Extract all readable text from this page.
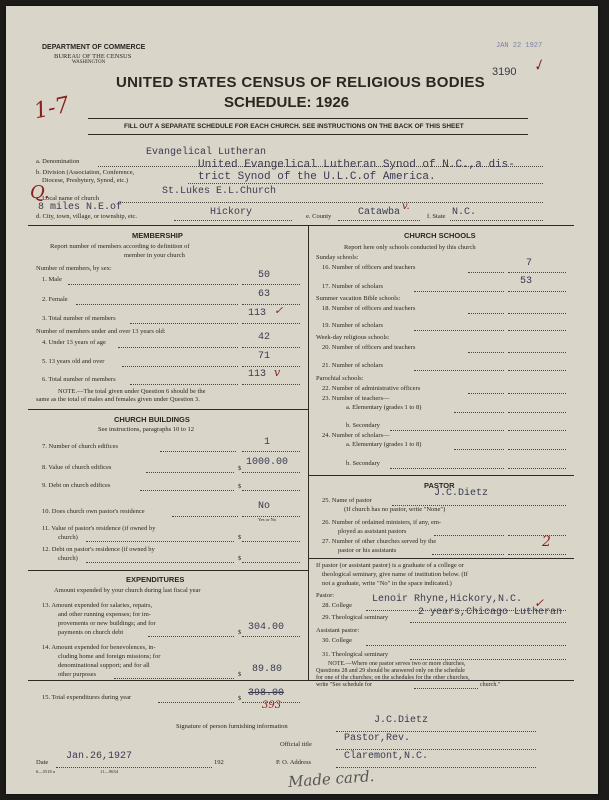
DEPARTMENT OF COMMERCE
BUREAU OF THE CENSUS
WASHINGTON
JAN 22 1927
✓
3190
UNITED STATES CENSUS OF RELIGIOUS BODIES
SCHEDULE: 1926
1-7
FILL OUT A SEPARATE SCHEDULE FOR EACH CHURCH. SEE INSTRUCTIONS ON THE BACK OF THIS SHEET
a. Denomination
Evangelical Lutheran
b. Division (Association, Conference,
Diocese, Presbytery, Synod, etc.)
United Evangelical Lutheran Synod of N.C.,a dis-
trict Synod of the U.L.C.of America.
c. Local name of church
St.Lukes E.L.Church
Q.
8 miles N.E.of
d. City, town, village, or township, etc.	Hickory	e. County	Catawba
v.
f. State N.C.
MEMBERSHIP
Report number of members according to definition of
member in your church
Number of members, by sex:
1. Male	50
2. Female	63
3. Total number of members	113 ✓
Number of members under and over 13 years old:
4. Under 13 years of age	42
5. 13 years old and over	71
6. Total number of members	113 v
NOTE.—The total given under Question 6 should be the
same as the total of males and females given under Question 3.
CHURCH BUILDINGS
See instructions, paragraphs 10 to 12
7. Number of church edifices	1
8. Value of church edifices	$
1000.00
9. Debt on church edifices	$
10. Does church own pastor's residence	No
Yes or No
11. Value of pastor's residence (if owned by
church)	$
12. Debt on pastor's residence (if owned by
church)	$
EXPENDITURES
Amount expended by your church during last fiscal year
13. Amount expended for salaries, repairs,
and other running expenses; for im-
provements or new buildings; and for
payments on church debt	$ 304.00
14. Amount expended for benevolences, in-
cluding home and foreign missions; for
denominational support; and for all
other purposes	$ 89.80
15. Total expenditures during year	$ 398.00
393
CHURCH SCHOOLS
Report here only schools conducted by this church
Sunday schools:
16. Number of officers and teachers	7
17. Number of scholars	53
Summer vacation Bible schools:
18. Number of officers and teachers
19. Number of scholars
Week-day religious schools:
20. Number of officers and teachers
21. Number of scholars
Parochial schools:
22. Number of administrative officers
23. Number of teachers—
a. Elementary (grades 1 to 8)
b. Secondary
24. Number of scholars—
a. Elementary (grades 1 to 8)
b. Secondary
PASTOR
25. Name of pastor
J.C.Dietz
(If church has no pastor, write "None")
26. Number of ordained ministers, if any, em-
ployed as assistant pastors
27. Number of other churches served by the
pastor or his assistants
2
If pastor (or assistant pastor) is a graduate of a college or
theological seminary, give name of institution below. (If
not a graduate, write "No" in the space indicated.)
Pastor:
28. College
Lenoir Rhyne,Hickory,N.C. ✓
29. Theological seminary	2 years,Chicago Lutheran
Assistant pastor:
30. College
31. Theological seminary
NOTE.—Where one pastor serves two or more churches,
Questions 28 and 29 should be answered only on the schedule
for one of the churches; on the schedules for the other churches,
write "See schedule for	church."
Signature of person furnishing information
J.C.Dietz
Official title
Pastor,Rev.
Date
Jan.26,1927
192	P. O. Address
Claremont,N.C.
6—5518 a	11—9634	Made card.
